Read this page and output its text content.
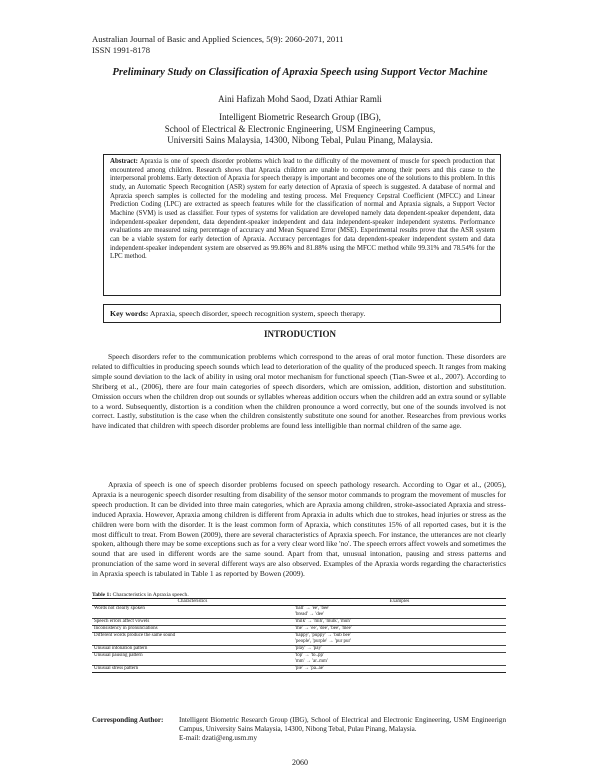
Australian Journal of Basic and Applied Sciences, 5(9): 2060-2071, 2011
ISSN 1991-8178
Preliminary Study on Classification of Apraxia Speech using Support Vector Machine
Aini Hafizah Mohd Saod, Dzati Athiar Ramli
Intelligent Biometric Research Group (IBG),
School of Electrical & Electronic Engineering, USM Engineering Campus,
Universiti Sains Malaysia, 14300, Nibong Tebal, Pulau Pinang, Malaysia.
Abstract: Apraxia is one of speech disorder problems which lead to the difficulty of the movement of muscle for speech production that encountered among children. Research shows that Apraxia children are unable to compete among their peers and this cause to the interpersonal problems. Early detection of Apraxia for speech therapy is important and becomes one of the solutions to this problem. In this study, an Automatic Speech Recognition (ASR) system for early detection of Apraxia of speech is suggested. A database of normal and Apraxia speech samples is collected for the modeling and testing process. Mel Frequency Cepstral Coefficient (MFCC) and Linear Prediction Coding (LPC) are extracted as speech features while for the classification of normal and Apraxia signals, a Support Vector Machine (SVM) is used as classifier. Four types of systems for validation are developed namely data dependent-speaker dependent, data independent-speaker dependent, data dependent-speaker independent and data independent-speaker independent systems. Performance evaluations are measured using percentage of accuracy and Mean Squared Error (MSE). Experimental results prove that the ASR system can be a viable system for early detection of Apraxia. Accuracy percentages for data dependent-speaker independent system and data independent-speaker independent system are observed as 99.86% and 81.88% using the MFCC method while 99.31% and 78.54% for the LPC method.
Key words: Apraxia, speech disorder, speech recognition system, speech therapy.
INTRODUCTION

Speech disorders refer to the communication problems which correspond to the areas of oral motor function. These disorders are related to difficulties in producing speech sounds which lead to deterioration of the quality of the produced speech. It ranges from making simple sound deviation to the lack of ability in using oral motor mechanism for functional speech (Tian-Swee et al., 2007). According to Shriberg et al., (2006), there are four main categories of speech disorders, which are omission, addition, distortion and substitution. Omission occurs when the children drop out sounds or syllables whereas addition occurs when the children add an extra sound or syllable to a word. Subsequently, distortion is a condition when the children pronounce a word correctly, but one of the sounds involved is not correct. Lastly, substitution is the case when the children consistently substitute one sound for another. Researches from previous works have indicated that children with speech disorder problems are found less intelligible than normal children of the same age.

Apraxia of speech is one of speech disorder problems focused on speech pathology research. According to Ogar et al., (2005), Apraxia is a neurogenic speech disorder resulting from disability of the sensor motor commands to program the movement of muscles for speech production. It can be divided into three main categories, which are Apraxia among children, stroke-associated Apraxia and stress-induced Apraxia. However, Apraxia among children is different from Apraxia in adults which due to strokes, head injuries or stress as the children were born with the disorder. It is the least common form of Apraxia, which constitutes 15% of all reported cases, but it is the most difficult to treat. From Bowen (2009), there are several characteristics of Apraxia speech. For instance, the utterances are not clearly spoken, although there may be some exceptions such as for a very clear word like 'no'. The speech errors affect vowels and sometimes the sound that are used in different words are the same sound. Apart from that, unusual intonation, pausing and stress patterns and pronunciation of the same word in several different ways are also observed. Examples of the Apraxia words regarding the characteristics in Apraxia speech is tabulated in Table 1 as reported by Bowen (2009).

Table 1: Characteristics in Apraxia speech.
Characteristics	Examples
Words not clearly spoken	'ball' → 'ee', 'bee'
'bread' → 'dee'

Speech errors affect vowels	'milk' → 'mih', 'mulk', 'muh'

Inconsistency in pronunciations	'me' → 'ee', 'dee', 'bee', 'mee'

Different words produce the same sound	'happy', 'puppy' → 'bub bee'
'people', 'purple' → 'pur pur'

Unusual intonation pattern	'play' → 'pay'

Unusual pausing pattern	'top' → 'to..pp'
'mm' → 'ar..mm'

Unusual stress pattern	'pie' → 'pa..ae'
Corresponding Author: Intelligent Biometric Research Group (IBG), School of Electrical and Electronic Engineering, USM Engineerign Campus, University Sains Malaysia, 14300, Nibong Tebal, Pulau Pinang, Malaysia.
E-mail: dzati@eng.usm.my
2060
